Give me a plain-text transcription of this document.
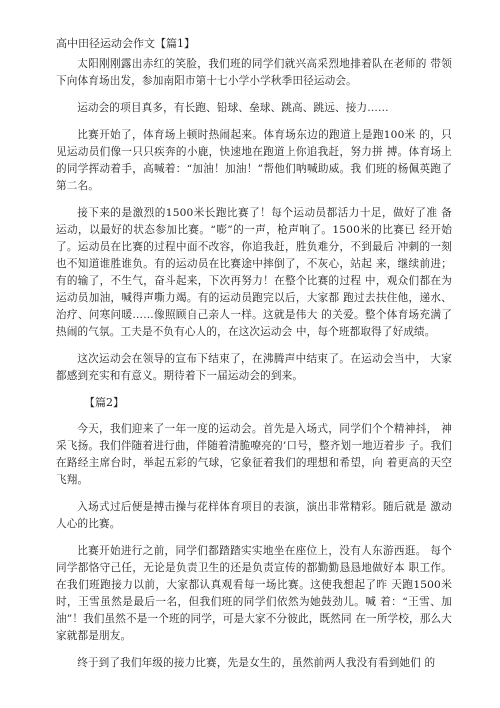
高中田径运动会作文【篇1】

太阳刚刚露出赤红的笑脸，我们班的同学们就兴高采烈地排着队在老师的 带领下向体育场出发，参加南阳市第十七小学小学秋季田径运动会。

运动会的项目真多，有长跑、铅球、垒球、跳高、跳远、接力……

比赛开始了，体育场上顿时热闹起来。体育场东边的跑道上是跑100米 的，只见运动员们像一只只疾奔的小鹿，快速地在跑道上你追我赶，努力拼 搏。体育场上的同学挥动着手，高喊着：“加油！加油！”帮他们呐喊助威。我 们班的杨佩英跑了第二名。

接下来的是激烈的1500米长跑比赛了！每个运动员都活力十足，做好了准 备运动，以最好的状态参加比赛。“嘭”的一声，枪声响了。1500米的比赛已 经开始了。运动员在比赛的过程中面不改容，你追我赶，胜负难分，不到最后 冲刺的一刻也不知道谁胜谁负。有的运动员在比赛途中摔倒了，不灰心，站起 来，继续前进；有的输了，不生气，奋斗起来，下次再努力！在整个比赛的过程 中，观众们都在为运动员加油，喊得声嘶力竭。有的运动员跑完以后，大家都 跑过去扶住他，递水、治疗、问寒问暖……像照顾自己亲人一样。这就是伟大 的关爱。整个体育场充满了热闹的气氛。工夫是不负有心人的，在这次运动会 中，每个班都取得了好成绩。

这次运动会在领导的宣布下结束了，在沸腾声中结束了。在运动会当中， 大家都感到充实和有意义。期待着下一届运动会的到来。

【篇2】

今天，我们迎来了一年一度的运动会。首先是入场式，同学们个个精神抖， 神采飞扬。我们伴随着进行曲，伴随着清脆嘹亮的’口号，整齐划一地迈着步 子。我们在路经主席台时，举起五彩的气球，它象征着我们的理想和希望，向 着更高的天空飞翔。

入场式过后便是搏击操与花样体育项目的表演，演出非常精彩。随后就是 激动人心的比赛。

比赛开始进行之前，同学们都踏踏实实地坐在座位上，没有人东游西逛。 每个同学都恪守己任，无论是负责卫生的还是负责宣传的都勤勤恳恳地做好本 职工作。在我们班跑接力以前，大家都认真观看每一场比赛。这使我想起了昨 天跑1500米时，王雪虽然是最后一名，但我们班的同学们依然为她鼓劲儿。喊 着：“王雪、加油”！我们虽然不是一个班的同学，可是大家不分彼此，既然同 在一所学校，那么大家就都是朋友。

终于到了我们年级的接力比赛，先是女生的，虽然前两人我没有看到她们 的
